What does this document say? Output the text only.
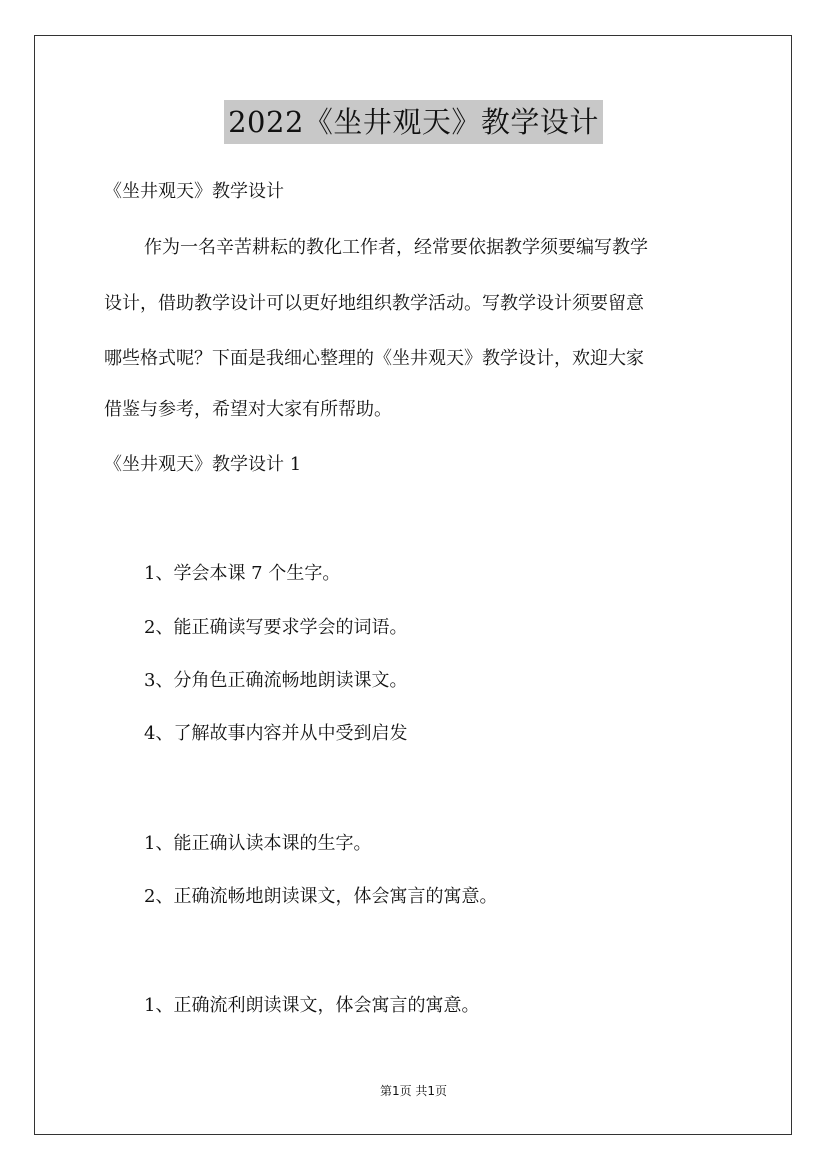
2022《坐井观天》教学设计
《坐井观天》教学设计
作为一名辛苦耕耘的教化工作者，经常要依据教学须要编写教学
设计，借助教学设计可以更好地组织教学活动。写教学设计须要留意
哪些格式呢？下面是我细心整理的《坐井观天》教学设计，欢迎大家
借鉴与参考，希望对大家有所帮助。
《坐井观天》教学设计 1
1、学会本课 7 个生字。
2、能正确读写要求学会的词语。
3、分角色正确流畅地朗读课文。
4、了解故事内容并从中受到启发
1、能正确认读本课的生字。
2、正确流畅地朗读课文，体会寓言的寓意。
1、正确流利朗读课文，体会寓言的寓意。
第1页 共1页
